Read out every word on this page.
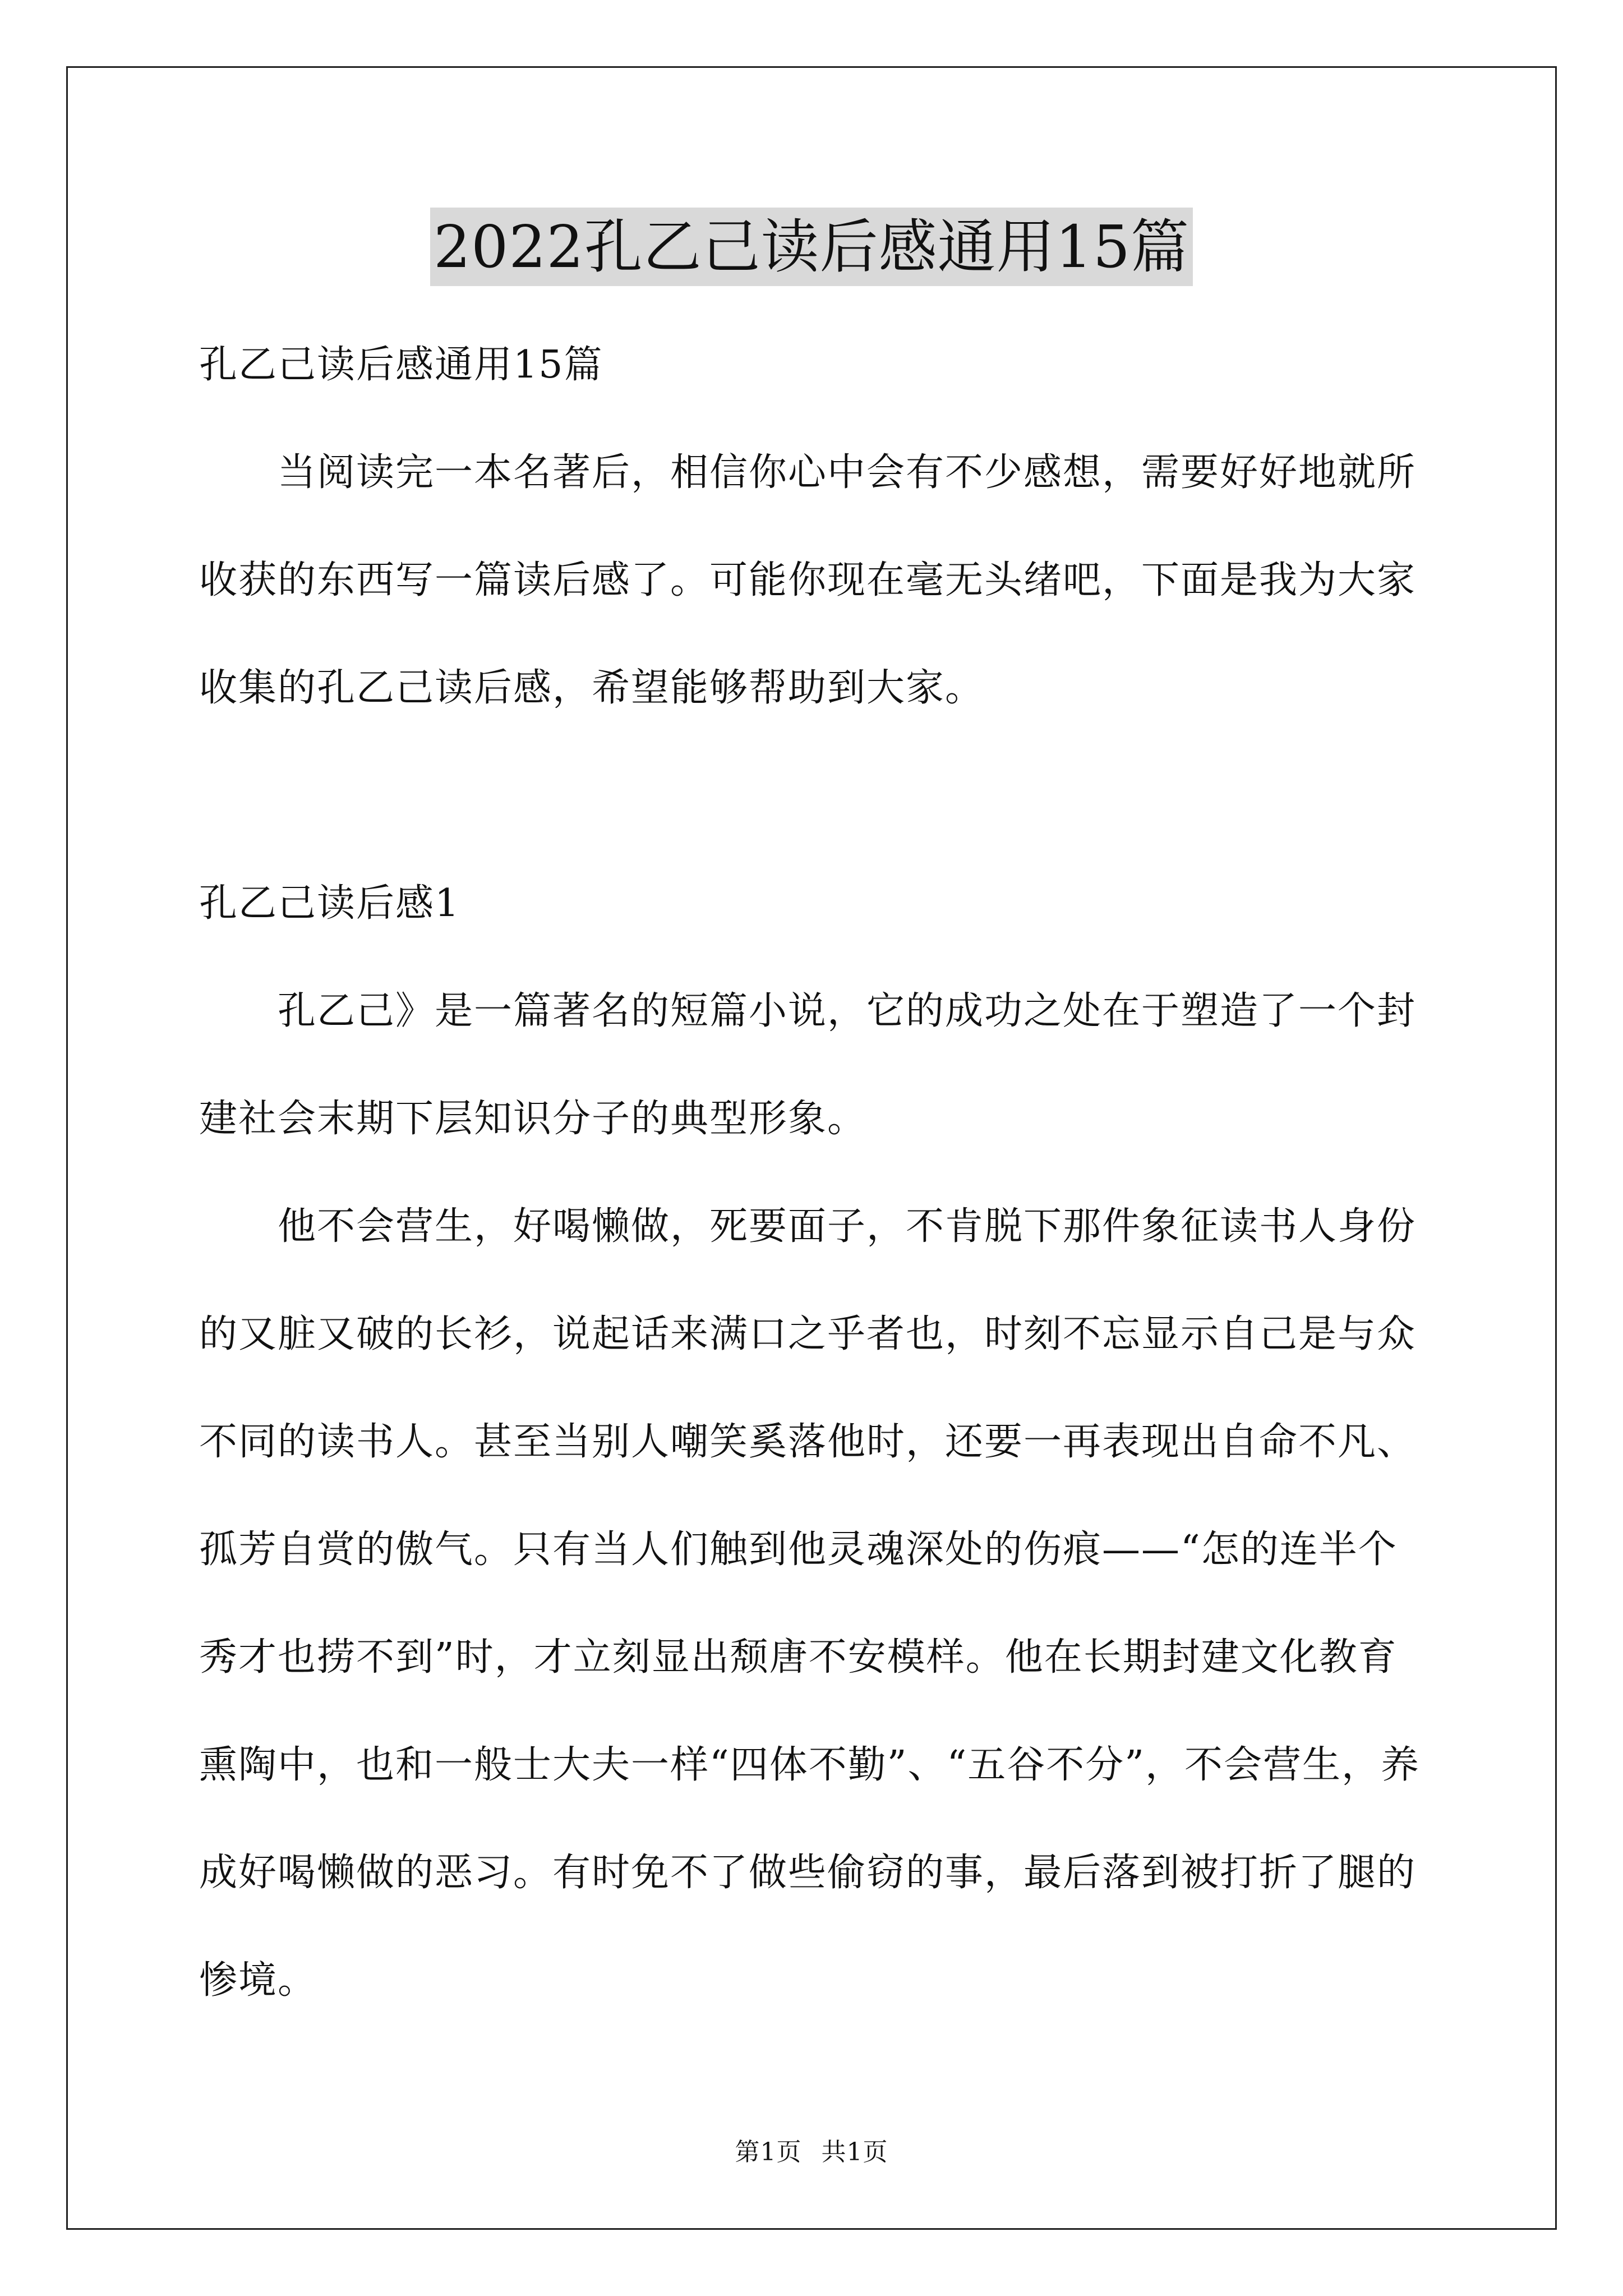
2022孔乙己读后感通用15篇
孔乙己读后感通用15篇

当阅读完一本名著后，相信你心中会有不少感想，需要好好地就所收获的东西写一篇读后感了。可能你现在毫无头绪吧，下面是我为大家收集的孔乙己读后感，希望能够帮助到大家。

孔乙己读后感1

孔乙己》是一篇著名的短篇小说，它的成功之处在于塑造了一个封建社会末期下层知识分子的典型形象。

他不会营生，好喝懒做，死要面子，不肯脱下那件象征读书人身份的又脏又破的长衫，说起话来满口之乎者也，时刻不忘显示自己是与众不同的读书人。甚至当别人嘲笑奚落他时，还要一再表现出自命不凡、孤芳自赏的傲气。只有当人们触到他灵魂深处的伤痕——“怎的连半个秀才也捞不到”时，才立刻显出颓唐不安模样。他在长期封建文化教育熏陶中，也和一般士大夫一样“四体不勤”、“五谷不分”，不会营生，养成好喝懒做的恶习。有时免不了做些偷窃的事，最后落到被打折了腿的惨境。

第1页 共1页
